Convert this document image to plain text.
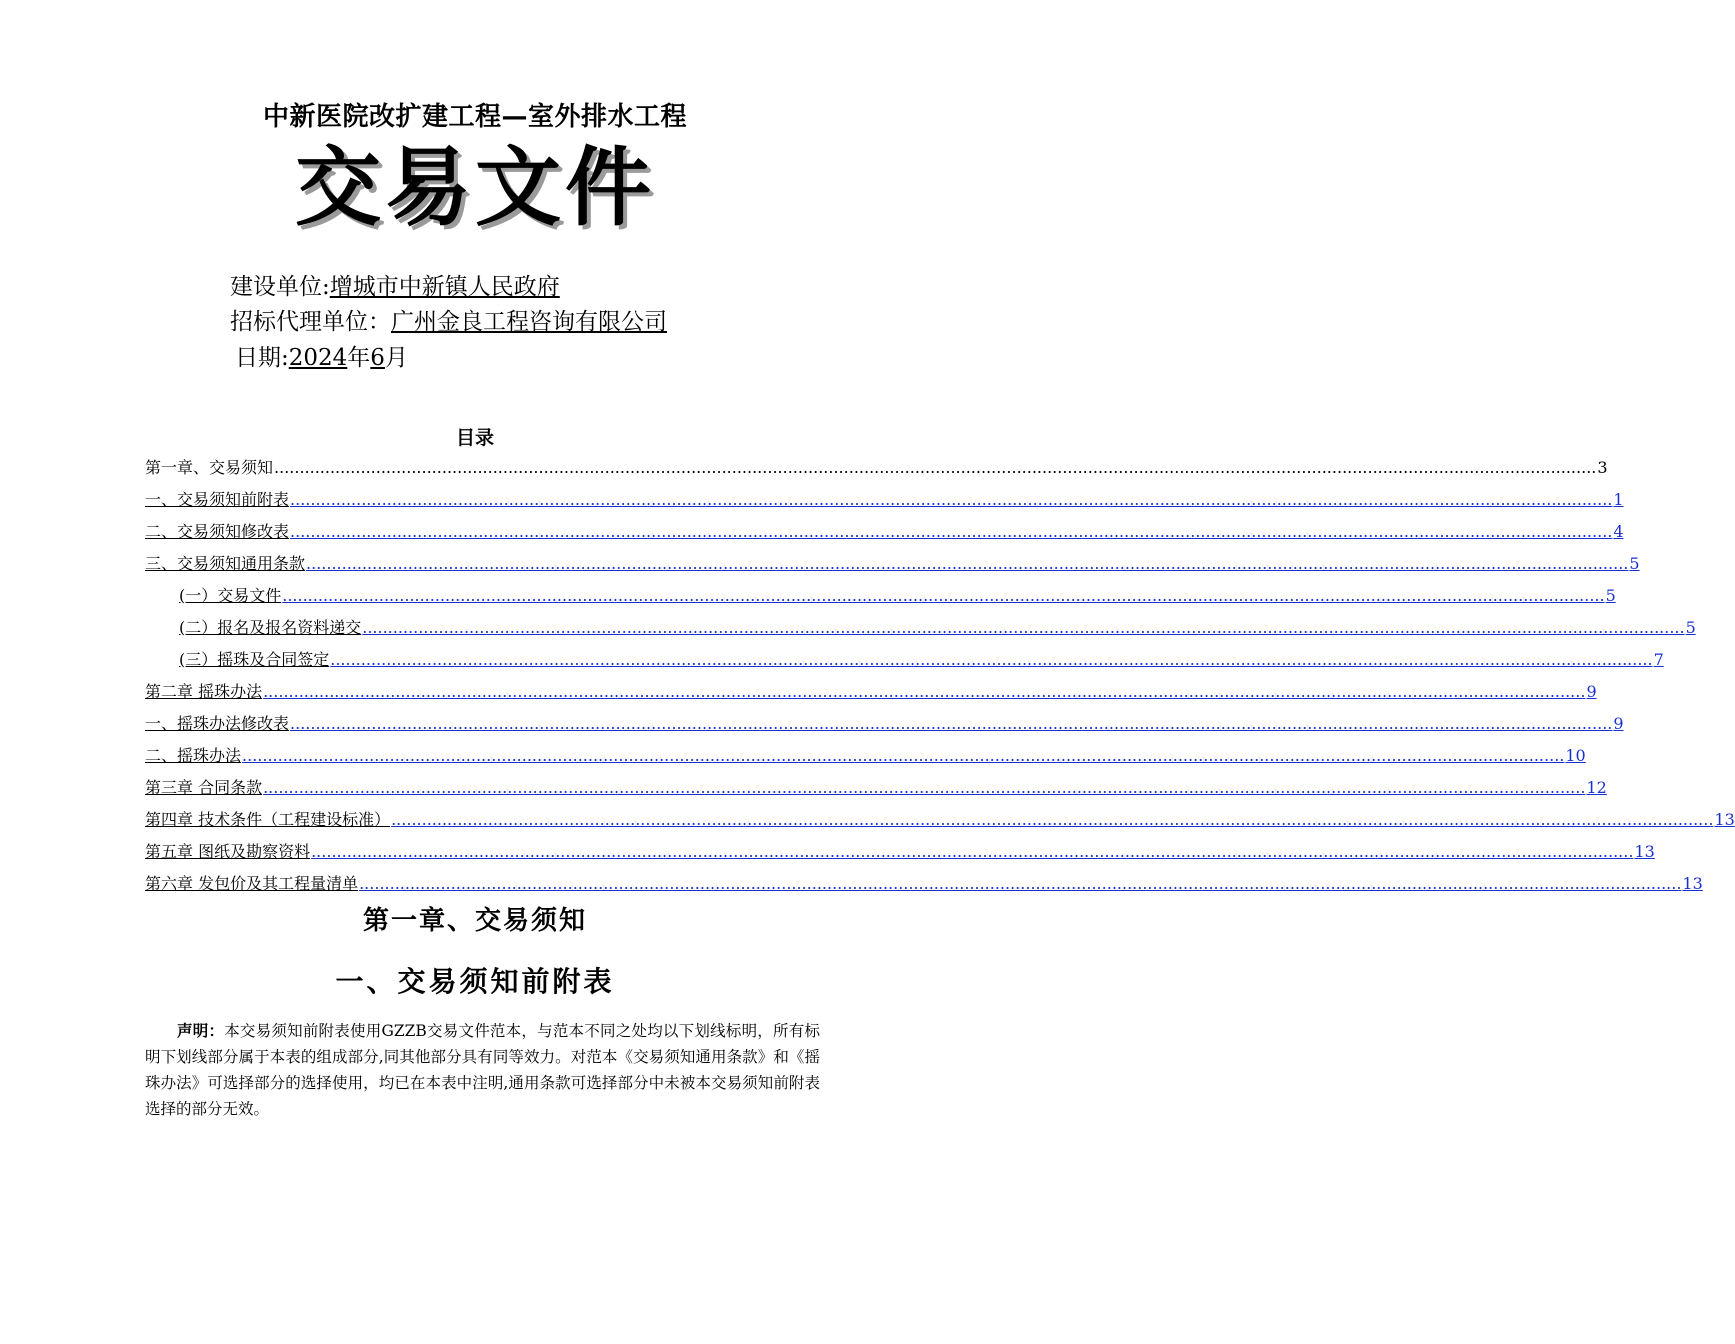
中新医院改扩建工程—室外排水工程
交易文件
建设单位:增城市中新镇人民政府
招标代理单位：广州金良工程咨询有限公司
日期:2024年6月
目录
第一章、交易须知 .................................................................................................................................................................................................................................................................... 3
一、交易须知前附表 .................................................................................................................................................................................................................................................................... 1
二、交易须知修改表 .................................................................................................................................................................................................................................................................... 4
三、交易须知通用条款 .................................................................................................................................................................................................................................................................... 5
(一）交易文件 .................................................................................................................................................................................................................................................................... 5
(二）报名及报名资料递交 .................................................................................................................................................................................................................................................................... 5
(三）摇珠及合同签定 .................................................................................................................................................................................................................................................................... 7
第二章 摇珠办法 .................................................................................................................................................................................................................................................................... 9
一、摇珠办法修改表 .................................................................................................................................................................................................................................................................... 9
二、摇珠办法 .................................................................................................................................................................................................................................................................... 10
第三章 合同条款 .................................................................................................................................................................................................................................................................... 12
第四章 技术条件（工程建设标准） .................................................................................................................................................................................................................................................................... 13
第五章 图纸及勘察资料 .................................................................................................................................................................................................................................................................... 13
第六章 发包价及其工程量清单 .................................................................................................................................................................................................................................................................... 13
第一章、交易须知
一、交易须知前附表
声明：本交易须知前附表使用GZZB交易文件范本，与范本不同之处均以下划线标明，所有标明下划线部分属于本表的组成部分,同其他部分具有同等效力。对范本《交易须知通用条款》和《摇珠办法》可选择部分的选择使用，均已在本表中注明,通用条款可选择部分中未被本交易须知前附表选择的部分无效。
